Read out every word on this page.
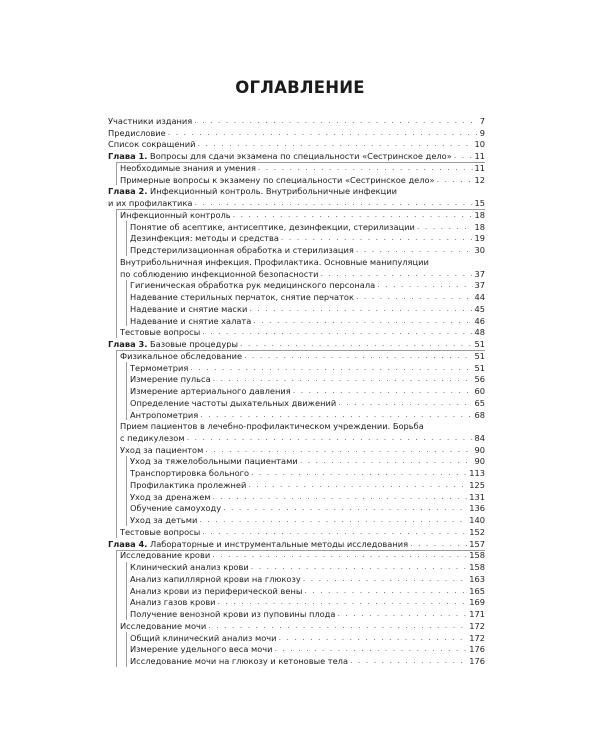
ОГЛАВЛЕНИЕ
Участники издания . . .	7
Предисловие . . .	9
Список сокращений . . .	10
Глава 1. Вопросы для сдачи экзамена по специальности «Сестринское дело» . . .	11
Необходимые знания и умения . . .	11
Примерные вопросы к экзамену по специальности «Сестринское дело» . . .	12
Глава 2. Инфекционный контроль. Внутрибольничные инфекции
и их профилактика . . .	15
Инфекционный контроль . . .	18
Понятие об асептике, антисептике, дезинфекции, стерилизации . . .	18
Дезинфекция: методы и средства . . .	19
Предстерилизационная обработка и стерилизация . . .	30
Внутрибольничная инфекция. Профилактика. Основные манипуляции
по соблюдению инфекционной безопасности . . .	37
Гигиеническая обработка рук медицинского персонала . . .	37
Надевание стерильных перчаток, снятие перчаток . . .	44
Надевание и снятие маски . . .	45
Надевание и снятие халата . . .	46
Тестовые вопросы . . .	48
Глава 3. Базовые процедуры . . .	51
Физикальное обследование . . .	51
Термометрия . . .	51
Измерение пульса . . .	56
Измерение артериального давления . . .	60
Определение частоты дыхательных движений . . .	65
Антропометрия . . .	68
Прием пациентов в лечебно-профилактическом учреждении. Борьба
с педикулезом . . .	84
Уход за пациентом . . .	90
Уход за тяжелобольными пациентами . . .	90
Транспортировка больного . . .	113
Профилактика пролежней . . .	125
Уход за дренажем . . .	131
Обучение самоуходу . . .	136
Уход за детьми . . .	140
Тестовые вопросы . . .	152
Глава 4. Лабораторные и инструментальные методы исследования . . .	157
Исследование крови . . .	158
Клинический анализ крови . . .	158
Анализ капиллярной крови на глюкозу . . .	163
Анализ крови из периферической вены . . .	165
Анализ газов крови . . .	169
Получение венозной крови из пуповины плода . . .	171
Исследование мочи . . .	172
Общий клинический анализ мочи . . .	172
Измерение удельного веса мочи . . .	176
Исследование мочи на глюкозу и кетоновые тела . . .	176
